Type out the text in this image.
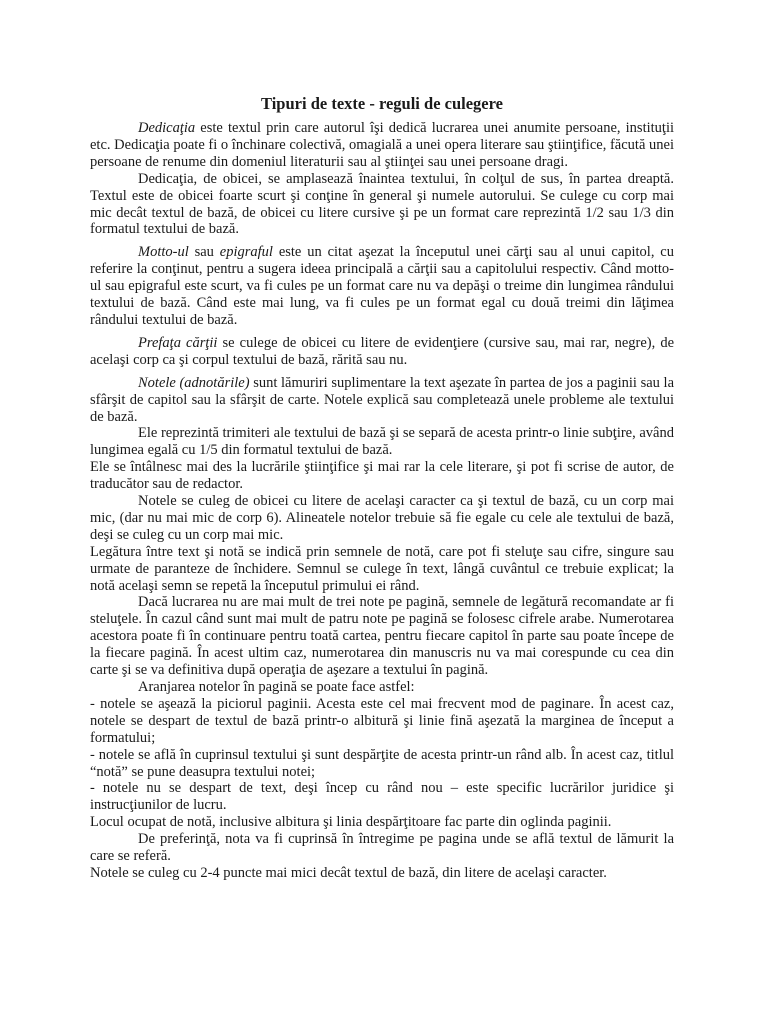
Tipuri de texte - reguli de culegere

Dedicaţia este textul prin care autorul îşi dedică lucrarea unei anumite persoane, instituţii etc. Dedicaţia poate fi o închinare colectivă, omagială a unei opera literare sau ştiinţifice, făcută unei persoane de renume din domeniul literaturii sau al ştiinţei sau unei persoane dragi.

Dedicaţia, de obicei, se amplasează înaintea textului, în colţul de sus, în partea dreaptă. Textul este de obicei foarte scurt şi conţine în general şi numele autorului. Se culege cu corp mai mic decât textul de bază, de obicei cu litere cursive şi pe un format care reprezintă 1/2 sau 1/3 din formatul textului de bază.

Motto-ul sau epigraful este un citat aşezat la începutul unei cărţi sau al unui capitol, cu referire la conţinut, pentru a sugera ideea principală a cărţii sau a capitolului respectiv. Când motto-ul sau epigraful este scurt, va fi cules pe un format care nu va depăşi o treime din lungimea rândului textului de bază. Când este mai lung, va fi cules pe un format egal cu două treimi din lăţimea rândului textului de bază.

Prefaţa cărţii se culege de obicei cu litere de evidenţiere (cursive sau, mai rar, negre), de acelaşi corp ca şi corpul textului de bază, rărită sau nu.

Notele (adnotările) sunt lămuriri suplimentare la text aşezate în partea de jos a paginii sau la sfârşit de capitol sau la sfârşit de carte. Notele explică sau completează unele probleme ale textului de bază.

Ele reprezintă trimiteri ale textului de bază şi se separă de acesta printr-o linie subţire, având lungimea egală cu 1/5 din formatul textului de bază.

Ele se întâlnesc mai des la lucrările ştiinţifice şi mai rar la cele literare, şi pot fi scrise de autor, de traducător sau de redactor.

Notele se culeg de obicei cu litere de acelaşi caracter ca şi textul de bază, cu un corp mai mic, (dar nu mai mic de corp 6). Alineatele notelor trebuie să fie egale cu cele ale textului de bază, deşi se culeg cu un corp mai mic.

Legătura între text şi notă se indică prin semnele de notă, care pot fi steluţe sau cifre, singure sau urmate de paranteze de închidere. Semnul se culege în text, lângă cuvântul ce trebuie explicat; la notă acelaşi semn se repetă la începutul primului ei rând.

Dacă lucrarea nu are mai mult de trei note pe pagină, semnele de legătură recomandate ar fi steluţele. În cazul când sunt mai mult de patru note pe pagină se folosesc cifrele arabe. Numerotarea acestora poate fi în continuare pentru toată cartea, pentru fiecare capitol în parte sau poate începe de la fiecare pagină. În acest ultim caz, numerotarea din manuscris nu va mai corespunde cu cea din carte şi se va definitiva după operaţia de aşezare a textului în pagină.

Aranjarea notelor în pagină se poate face astfel:

- notele se aşează la piciorul paginii. Acesta este cel mai frecvent mod de paginare. În acest caz, notele se despart de textul de bază printr-o albitură şi linie fină aşezată la marginea de început a formatului;

- notele se află în cuprinsul textului şi sunt despărţite de acesta printr-un rând alb. În acest caz, titlul “notă” se pune deasupra textului notei;

- notele nu se despart de text, deşi încep cu rând nou – este specific lucrărilor juridice şi instrucţiunilor de lucru.

Locul ocupat de notă, inclusive albitura şi linia despărţitoare fac parte din oglinda paginii.

De preferinţă, nota va fi cuprinsă în întregime pe pagina unde se află textul de lămurit la care se referă.

Notele se culeg cu 2-4 puncte mai mici decât textul de bază, din litere de acelaşi caracter.
